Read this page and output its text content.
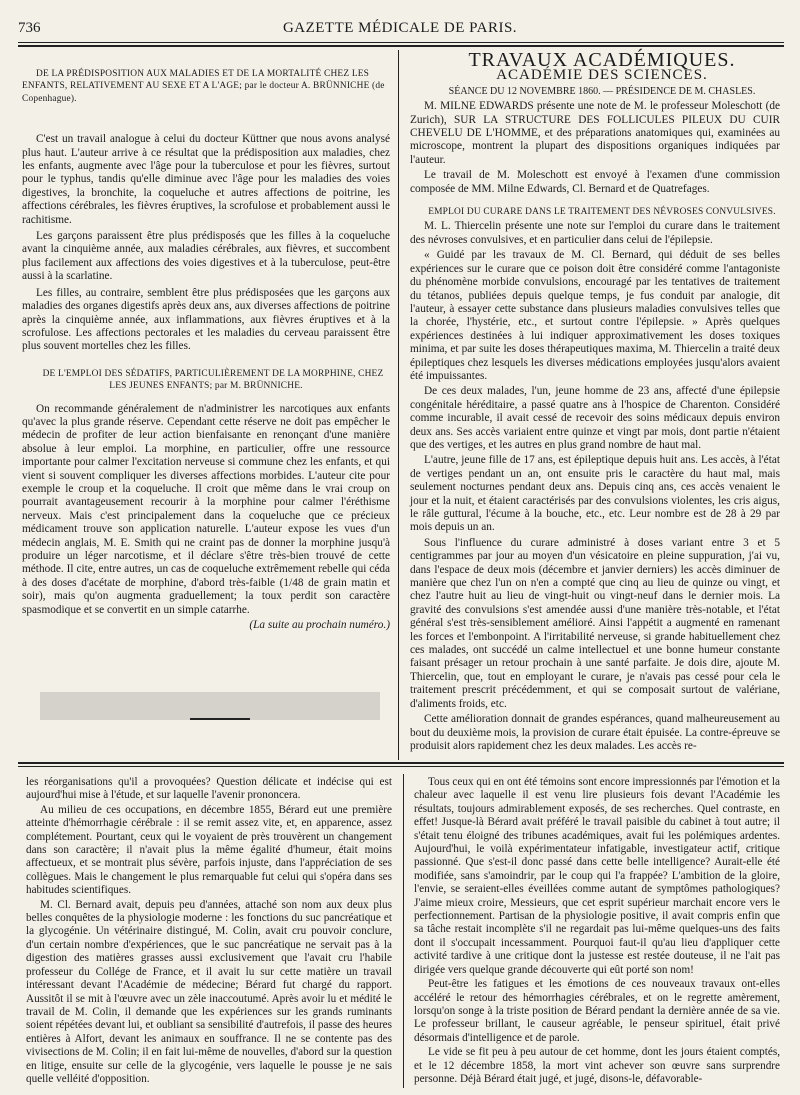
736	GAZETTE MÉDICALE DE PARIS.

DE LA PRÉDISPOSITION AUX MALADIES ET DE LA MORTALITÉ CHEZ LES ENFANTS, RELATIVEMENT AU SEXE ET A L'AGE; par le docteur A. BRÜNNICHE (de Copenhague).

C'est un travail analogue à celui du docteur Küttner que nous avons analysé plus haut. L'auteur arrive à ce résultat que la prédisposition aux maladies, chez les enfants, augmente avec l'âge pour la tuberculose et pour les fièvres, surtout pour le typhus, tandis qu'elle diminue avec l'âge pour les maladies des voies digestives, la bronchite, la coqueluche et autres affections de poitrine, les affections cérébrales, les fièvres éruptives, la scrofulose et probablement aussi le rachitisme.

Les garçons paraissent être plus prédisposés que les filles à la coqueluche avant la cinquième année, aux maladies cérébrales, aux fièvres, et succombent plus facilement aux affections des voies digestives et à la tuberculose, peut-être aussi à la scarlatine.

Les filles, au contraire, semblent être plus prédisposées que les garçons aux maladies des organes digestifs après deux ans, aux diverses affections de poitrine après la cinquième année, aux inflammations, aux fièvres éruptives et à la scrofulose. Les affections pectorales et les maladies du cerveau paraissent être plus souvent mortelles chez les filles.

DE L'EMPLOI DES SÉDATIFS, PARTICULIÈREMENT DE LA MORPHINE, CHEZ LES JEUNES ENFANTS; par M. BRÜNNICHE.

On recommande généralement de n'administrer les narcotiques aux enfants qu'avec la plus grande réserve. Cependant cette réserve ne doit pas empêcher le médecin de profiter de leur action bienfaisante en renonçant d'une manière absolue à leur emploi. La morphine, en particulier, offre une ressource importante pour calmer l'excitation nerveuse si commune chez les enfants, et qui vient si souvent compliquer les diverses affections morbides. L'auteur cite pour exemple le croup et la coqueluche. Il croit que même dans le vrai croup on pourrait avantageusement recourir à la morphine pour calmer l'éréthisme nerveux. Mais c'est principalement dans la coqueluche que ce précieux médicament trouve son application naturelle. L'auteur expose les vues d'un médecin anglais, M. E. Smith qui ne craint pas de donner la morphine jusqu'à produire un léger narcotisme, et il déclare s'être très-bien trouvé de cette méthode. Il cite, entre autres, un cas de coqueluche extrêmement rebelle qui céda à des doses d'acétate de morphine, d'abord très-faible (1/48 de grain matin et soir), mais qu'on augmenta graduellement; la toux perdit son caractère spasmodique et se convertit en un simple catarrhe.

(La suite au prochain numéro.)

TRAVAUX ACADÉMIQUES.

ACADÉMIE DES SCIENCES.

SÉANCE DU 12 NOVEMBRE 1860. — PRÉSIDENCE DE M. CHASLES.

M. MILNE EDWARDS présente une note de M. le professeur Moleschott (de Zurich), SUR LA STRUCTURE DES FOLLICULES PILEUX DU CUIR CHEVELU DE L'HOMME, et des préparations anatomiques qui, examinées au microscope, montrent la plupart des dispositions organiques indiquées par l'auteur.

Le travail de M. Moleschott est envoyé à l'examen d'une commission composée de MM. Milne Edwards, Cl. Bernard et de Quatrefages.

EMPLOI DU CURARE DANS LE TRAITEMENT DES NÉVROSES CONVULSIVES.

M. L. Thiercelin présente une note sur l'emploi du curare dans le traitement des névroses convulsives, et en particulier dans celui de l'épilepsie.

« Guidé par les travaux de M. Cl. Bernard, qui déduit de ses belles expériences sur le curare que ce poison doit être considéré comme l'antagoniste du phénomène morbide convulsions, encouragé par les tentatives de traitement du tétanos, publiées depuis quelque temps, je fus conduit par analogie, dit l'auteur, à essayer cette substance dans plusieurs maladies convulsives telles que la chorée, l'hystérie, etc., et surtout contre l'épilepsie. » Après quelques expériences destinées à lui indiquer approximativement les doses toxiques minima, et par suite les doses thérapeutiques maxima, M. Thiercelin a traité deux épileptiques chez lesquels les diverses médications employées jusqu'alors avaient été impuissantes.

De ces deux malades, l'un, jeune homme de 23 ans, affecté d'une épilepsie congénitale héréditaire, a passé quatre ans à l'hospice de Charenton. Considéré comme incurable, il avait cessé de recevoir des soins médicaux depuis environ deux ans. Ses accès variaient entre quinze et vingt par mois, dont partie n'étaient que des vertiges, et les autres en plus grand nombre de haut mal.

L'autre, jeune fille de 17 ans, est épileptique depuis huit ans. Les accès, à l'état de vertiges pendant un an, ont ensuite pris le caractère du haut mal, mais seulement nocturnes pendant deux ans. Depuis cinq ans, ces accès venaient le jour et la nuit, et étaient caractérisés par des convulsions violentes, les cris aigus, le râle guttural, l'écume à la bouche, etc., etc. Leur nombre est de 28 à 29 par mois depuis un an.

Sous l'influence du curare administré à doses variant entre 3 et 5 centigrammes par jour au moyen d'un vésicatoire en pleine suppuration, j'ai vu, dans l'espace de deux mois (décembre et janvier derniers) les accès diminuer de manière que chez l'un on n'en a compté que cinq au lieu de quinze ou vingt, et chez l'autre huit au lieu de vingt-huit ou vingt-neuf dans le dernier mois. La gravité des convulsions s'est amendée aussi d'une manière très-notable, et l'état général s'est très-sensiblement amélioré. Ainsi l'appétit a augmenté en ramenant les forces et l'embonpoint. A l'irritabilité nerveuse, si grande habituellement chez ces malades, ont succédé un calme intellectuel et une bonne humeur constante faisant présager un retour prochain à une santé parfaite. Je dois dire, ajoute M. Thiercelin, que, tout en employant le curare, je n'avais pas cessé pour cela le traitement prescrit précédemment, et qui se composait surtout de valériane, d'aliments froids, etc.

Cette amélioration donnait de grandes espérances, quand malheureusement au bout du deuxième mois, la provision de curare était épuisée. La contre-épreuve se produisit alors rapidement chez les deux malades. Les accès re-

les réorganisations qu'il a provoquées? Question délicate et indécise qui est aujourd'hui mise à l'étude, et sur laquelle l'avenir prononcera.

Au milieu de ces occupations, en décembre 1855, Bérard eut une première atteinte d'hémorrhagie cérébrale : il se remit assez vite, et, en apparence, assez complétement. Pourtant, ceux qui le voyaient de près trouvèrent un changement dans son caractère; il n'avait plus la même égalité d'humeur, était moins affectueux, et se montrait plus sévère, parfois injuste, dans l'appréciation de ses collègues. Mais le changement le plus remarquable fut celui qui s'opéra dans ses habitudes scientifiques.

M. Cl. Bernard avait, depuis peu d'années, attaché son nom aux deux plus belles conquêtes de la physiologie moderne : les fonctions du suc pancréatique et la glycogénie. Un vétérinaire distingué, M. Colin, avait cru pouvoir conclure, d'un certain nombre d'expériences, que le suc pancréatique ne servait pas à la digestion des matières grasses aussi exclusivement que l'avait cru l'habile professeur du Collége de France, et il avait lu sur cette matière un travail intéressant devant l'Académie de médecine; Bérard fut chargé du rapport. Aussitôt il se mit à l'œuvre avec un zèle inaccoutumé. Après avoir lu et médité le travail de M. Colin, il demande que les expériences sur les grands ruminants soient répétées devant lui, et oubliant sa sensibilité d'autrefois, il passe des heures entières à Alfort, devant les animaux en souffrance. Il ne se contente pas des vivisections de M. Colin; il en fait lui-même de nouvelles, d'abord sur la question en litige, ensuite sur celle de la glycogénie, vers laquelle le pousse je ne sais quelle velléité d'opposition.

Tous ceux qui en ont été témoins sont encore impressionnés par l'émotion et la chaleur avec laquelle il est venu lire plusieurs fois devant l'Académie les résultats, toujours admirablement exposés, de ses recherches. Quel contraste, en effet! Jusque-là Bérard avait préféré le travail paisible du cabinet à tout autre; il s'était tenu éloigné des tribunes académiques, avait fui les polémiques ardentes. Aujourd'hui, le voilà expérimentateur infatigable, investigateur actif, critique passionné. Que s'est-il donc passé dans cette belle intelligence? Aurait-elle été modifiée, sans s'amoindrir, par le coup qui l'a frappée? L'ambition de la gloire, l'envie, se seraient-elles éveillées comme autant de symptômes pathologiques? J'aime mieux croire, Messieurs, que cet esprit supérieur marchait encore vers le perfectionnement. Partisan de la physiologie positive, il avait compris enfin que sa tâche restait incomplète s'il ne regardait pas lui-même quelques-uns des faits dont il s'occupait incessamment. Pourquoi faut-il qu'au lieu d'appliquer cette activité tardive à une critique dont la justesse est restée douteuse, il ne l'ait pas dirigée vers quelque grande découverte qui eût porté son nom!

Peut-être les fatigues et les émotions de ces nouveaux travaux ont-elles accéléré le retour des hémorrhagies cérébrales, et on le regrette amèrement, lorsqu'on songe à la triste position de Bérard pendant la dernière année de sa vie. Le professeur brillant, le causeur agréable, le penseur spirituel, était privé désormais d'intelligence et de parole.

Le vide se fit peu à peu autour de cet homme, dont les jours étaient comptés, et le 12 décembre 1858, la mort vint achever son œuvre sans surprendre personne. Déjà Bérard était jugé, et jugé, disons-le, défavorable-
